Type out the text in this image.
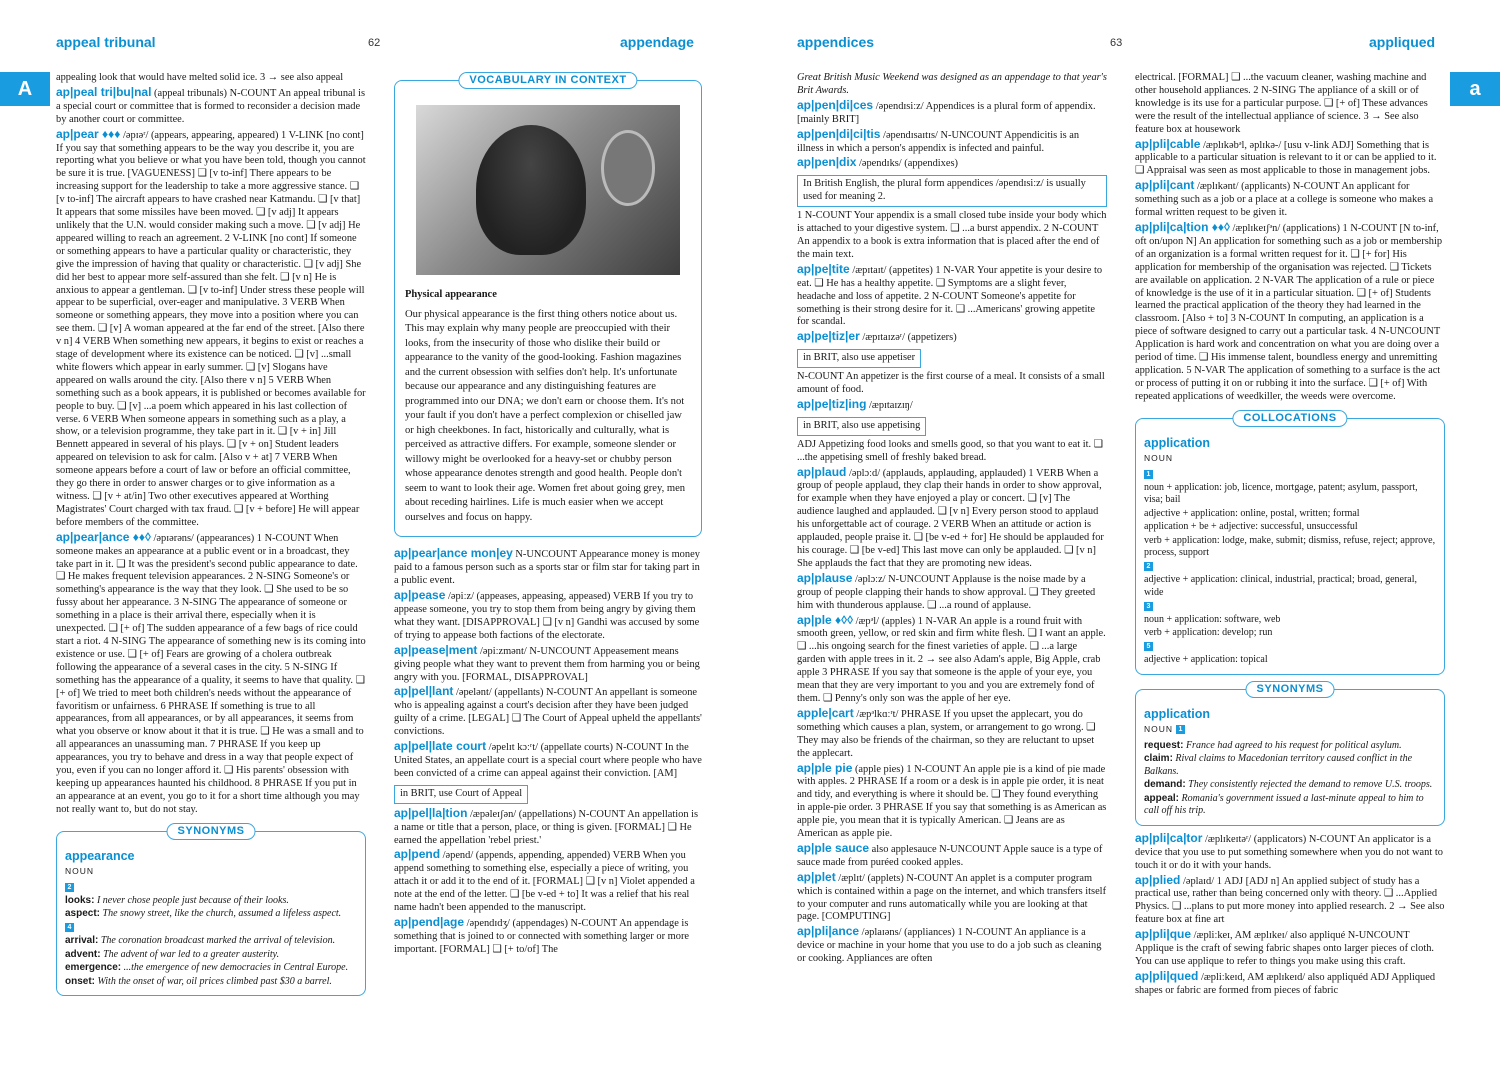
appeal tribunal	62	appendage	appendices	63	appliqued
A	a

appealing look that would have melted solid ice. 3 → see also appeal

ap|peal tri|bu|nal (appeal tribunals) N-COUNT An appeal tribunal is a special court or committee that is formed to reconsider a decision made by another court or committee.

ap|pear ♦♦♦ /əpɪəʳ/ (appears, appearing, appeared) 1 V-LINK [no cont] If you say that something appears to be the way you describe it, you are reporting what you believe or what you have been told, though you cannot be sure it is true. [VAGUENESS] ❑ [v to-inf] There appears to be increasing support for the leadership to take a more aggressive stance. ❑ [v to-inf] The aircraft appears to have crashed near Katmandu. ❑ [v that] It appears that some missiles have been moved. ❑ [v adj] It appears unlikely that the U.N. would consider making such a move. ❑ [v adj] He appeared willing to reach an agreement. 2 V-LINK [no cont] If someone or something appears to have a particular quality or characteristic, they give the impression of having that quality or characteristic. ❑ [v adj] She did her best to appear more self-assured than she felt. ❑ [v n] He is anxious to appear a gentleman. ❑ [v to-inf] Under stress these people will appear to be superficial, over-eager and manipulative. 3 VERB When someone or something appears, they move into a position where you can see them. ❑ [v] A woman appeared at the far end of the street. [Also there v n] 4 VERB When something new appears, it begins to exist or reaches a stage of development where its existence can be noticed. ❑ [v] ...small white flowers which appear in early summer. ❑ [v] Slogans have appeared on walls around the city. [Also there v n] 5 VERB When something such as a book appears, it is published or becomes available for people to buy. ❑ [v] ...a poem which appeared in his last collection of verse. 6 VERB When someone appears in something such as a play, a show, or a television programme, they take part in it. ❑ [v + in] Jill Bennett appeared in several of his plays. ❑ [v + on] Student leaders appeared on television to ask for calm. [Also v + at] 7 VERB When someone appears before a court of law or before an official committee, they go there in order to answer charges or to give information as a witness. ❑ [v + at/in] Two other executives appeared at Worthing Magistrates' Court charged with tax fraud. ❑ [v + before] He will appear before members of the committee.

ap|pear|ance ♦♦◊ /əpɪərəns/ (appearances) 1 N-COUNT When someone makes an appearance at a public event or in a broadcast, they take part in it. ❑ It was the president's second public appearance to date. ❑ He makes frequent television appearances. 2 N-SING Someone's or something's appearance is the way that they look. ❑ She used to be so fussy about her appearance. 3 N-SING The appearance of someone or something in a place is their arrival there, especially when it is unexpected. ❑ [+ of] The sudden appearance of a few bags of rice could start a riot. 4 N-SING The appearance of something new is its coming into existence or use. ❑ [+ of] Fears are growing of a cholera outbreak following the appearance of a several cases in the city. 5 N-SING If something has the appearance of a quality, it seems to have that quality. ❑ [+ of] We tried to meet both children's needs without the appearance of favoritism or unfairness. 6 PHRASE If something is true to all appearances, from all appearances, or by all appearances, it seems from what you observe or know about it that it is true. ❑ He was a small and to all appearances an unassuming man. 7 PHRASE If you keep up appearances, you try to behave and dress in a way that people expect of you, even if you can no longer afford it. ❑ His parents' obsession with keeping up appearances haunted his childhood. 8 PHRASE If you put in an appearance at an event, you go to it for a short time although you may not really want to, but do not stay.

SYNONYMS
appearance
NOUN
2
looks: I never chose people just because of their looks.
aspect: The snowy street, like the church, assumed a lifeless aspect.
4
arrival: The coronation broadcast marked the arrival of television.
advent: The advent of war led to a greater austerity.
emergence: ...the emergence of new democracies in Central Europe.
onset: With the onset of war, oil prices climbed past $30 a barrel.
VOCABULARY IN CONTEXT
Physical appearance

Our physical appearance is the first thing others notice about us. This may explain why many people are preoccupied with their looks, from the insecurity of those who dislike their build or appearance to the vanity of the good-looking. Fashion magazines and the current obsession with selfies don't help. It's unfortunate because our appearance and any distinguishing features are programmed into our DNA; we don't earn or choose them. It's not your fault if you don't have a perfect complexion or chiselled jaw or high cheekbones. In fact, historically and culturally, what is perceived as attractive differs. For example, someone slender or willowy might be overlooked for a heavy-set or chubby person whose appearance denotes strength and good health. People don't seem to want to look their age. Women fret about going grey, men about receding hairlines. Life is much easier when we accept ourselves and focus on happy.

ap|pear|ance mon|ey N-UNCOUNT Appearance money is money paid to a famous person such as a sports star or film star for taking part in a public event.

ap|pease /əpiːz/ (appeases, appeasing, appeased) VERB If you try to appease someone, you try to stop them from being angry by giving them what they want. [DISAPPROVAL] ❑ [v n] Gandhi was accused by some of trying to appease both factions of the electorate.

ap|pease|ment /əpiːzmənt/ N-UNCOUNT Appeasement means giving people what they want to prevent them from harming you or being angry with you. [FORMAL, DISAPPROVAL]

ap|pel|lant /əpelənt/ (appellants) N-COUNT An appellant is someone who is appealing against a court's decision after they have been judged guilty of a crime. [LEGAL] ❑ The Court of Appeal upheld the appellants' convictions.

ap|pel|late court /əpelɪt kɔːʳt/ (appellate courts) N-COUNT In the United States, an appellate court is a special court where people who have been convicted of a crime can appeal against their conviction. [AM]

in BRIT, use Court of Appeal

ap|pel|la|tion /æpəleɪʃən/ (appellations) N-COUNT An appellation is a name or title that a person, place, or thing is given. [FORMAL] ❑ He earned the appellation 'rebel priest.'

ap|pend /əpend/ (appends, appending, appended) VERB When you append something to something else, especially a piece of writing, you attach it or add it to the end of it. [FORMAL] ❑ [v n] Violet appended a note at the end of the letter. ❑ [be v-ed + to] It was a relief that his real name hadn't been appended to the manuscript.

ap|pend|age /əpendɪdʒ/ (appendages) N-COUNT An appendage is something that is joined to or connected with something larger or more important. [FORMAL] ❑ [+ to/of] The

Great British Music Weekend was designed as an appendage to that year's Brit Awards.

ap|pen|di|ces /əpendɪsiːz/ Appendices is a plural form of appendix. [mainly BRIT]

ap|pen|di|ci|tis /əpendɪsaɪtɪs/ N-UNCOUNT Appendicitis is an illness in which a person's appendix is infected and painful.

ap|pen|dix /əpendɪks/ (appendixes)

In British English, the plural form appendices /əpendɪsiːz/ is usually used for meaning 2.

1 N-COUNT Your appendix is a small closed tube inside your body which is attached to your digestive system. ❑ ...a burst appendix. 2 N-COUNT An appendix to a book is extra information that is placed after the end of the main text.

ap|pe|tite /æpɪtaɪt/ (appetites) 1 N-VAR Your appetite is your desire to eat. ❑ He has a healthy appetite. ❑ Symptoms are a slight fever, headache and loss of appetite. 2 N-COUNT Someone's appetite for something is their strong desire for it. ❑ ...Americans' growing appetite for scandal.

ap|pe|tiz|er /æpɪtaɪzəʳ/ (appetizers)

in BRIT, also use appetiser

N-COUNT An appetizer is the first course of a meal. It consists of a small amount of food.

ap|pe|tiz|ing /æpɪtaɪzɪŋ/

in BRIT, also use appetising

ADJ Appetizing food looks and smells good, so that you want to eat it. ❑ ...the appetising smell of freshly baked bread.

ap|plaud /əplɔːd/ (applauds, applauding, applauded) 1 VERB When a group of people applaud, they clap their hands in order to show approval, for example when they have enjoyed a play or concert. ❑ [v] The audience laughed and applauded. ❑ [v n] Every person stood to applaud his unforgettable act of courage. 2 VERB When an attitude or action is applauded, people praise it. ❑ [be v-ed + for] He should be applauded for his courage. ❑ [be v-ed] This last move can only be applauded. ❑ [v n] She applauds the fact that they are promoting new ideas.

ap|plause /əplɔːz/ N-UNCOUNT Applause is the noise made by a group of people clapping their hands to show approval. ❑ They greeted him with thunderous applause. ❑ ...a round of applause.

ap|ple ♦◊◊ /æpᵊl/ (apples) 1 N-VAR An apple is a round fruit with smooth green, yellow, or red skin and firm white flesh. ❑ I want an apple. ❑ ...his ongoing search for the finest varieties of apple. ❑ ...a large garden with apple trees in it. 2 → see also Adam's apple, Big Apple, crab apple 3 PHRASE If you say that someone is the apple of your eye, you mean that they are very important to you and you are extremely fond of them. ❑ Penny's only son was the apple of her eye.

apple|cart /æpᵊlkɑːʳt/ PHRASE If you upset the applecart, you do something which causes a plan, system, or arrangement to go wrong. ❑ They may also be friends of the chairman, so they are reluctant to upset the applecart.

ap|ple pie (apple pies) 1 N-COUNT An apple pie is a kind of pie made with apples. 2 PHRASE If a room or a desk is in apple pie order, it is neat and tidy, and everything is where it should be. ❑ They found everything in apple-pie order. 3 PHRASE If you say that something is as American as apple pie, you mean that it is typically American. ❑ Jeans are as American as apple pie.

ap|ple sauce also applesauce N-UNCOUNT Apple sauce is a type of sauce made from puréed cooked apples.

ap|plet /æplɪt/ (applets) N-COUNT An applet is a computer program which is contained within a page on the internet, and which transfers itself to your computer and runs automatically while you are looking at that page. [COMPUTING]

ap|pli|ance /əplaɪəns/ (appliances) 1 N-COUNT An appliance is a device or machine in your home that you use to do a job such as cleaning or cooking. Appliances are often

electrical. [FORMAL] ❑ ...the vacuum cleaner, washing machine and other household appliances. 2 N-SING The appliance of a skill or of knowledge is its use for a particular purpose. ❑ [+ of] These advances were the result of the intellectual appliance of science. 3 → See also feature box at housework

ap|pli|cable /æplɪkəbᵊl, əplɪkə-/ [usu v-link ADJ] Something that is applicable to a particular situation is relevant to it or can be applied to it. ❑ Appraisal was seen as most applicable to those in management jobs.

ap|pli|cant /æplɪkənt/ (applicants) N-COUNT An applicant for something such as a job or a place at a college is someone who makes a formal written request to be given it.

ap|pli|ca|tion ♦♦◊ /æplɪkeɪʃᵊn/ (applications) 1 N-COUNT [N to-inf, oft on/upon N] An application for something such as a job or membership of an organization is a formal written request for it. ❑ [+ for] His application for membership of the organisation was rejected. ❑ Tickets are available on application. 2 N-VAR The application of a rule or piece of knowledge is the use of it in a particular situation. ❑ [+ of] Students learned the practical application of the theory they had learned in the classroom. [Also + to] 3 N-COUNT In computing, an application is a piece of software designed to carry out a particular task. 4 N-UNCOUNT Application is hard work and concentration on what you are doing over a period of time. ❑ His immense talent, boundless energy and unremitting application. 5 N-VAR The application of something to a surface is the act or process of putting it on or rubbing it into the surface. ❑ [+ of] With repeated applications of weedkiller, the weeds were overcome.

COLLOCATIONS
application
NOUN
1
noun + application: job, licence, mortgage, patent; asylum, passport, visa; bail
adjective + application: online, postal, written; formal
application + be + adjective: successful, unsuccessful
verb + application: lodge, make, submit; dismiss, refuse, reject; approve, process, support
2
adjective + application: clinical, industrial, practical; broad, general, wide
3
noun + application: software, web
verb + application: develop; run
5
adjective + application: topical
SYNONYMS
application
NOUN 1
request: France had agreed to his request for political asylum.
claim: Rival claims to Macedonian territory caused conflict in the Balkans.
demand: They consistently rejected the demand to remove U.S. troops.
appeal: Romania's government issued a last-minute appeal to him to call off his trip.

ap|pli|ca|tor /æplɪkeɪtəʳ/ (applicators) N-COUNT An applicator is a device that you use to put something somewhere when you do not want to touch it or do it with your hands.

ap|plied /əplaɪd/ 1 ADJ [ADJ n] An applied subject of study has a practical use, rather than being concerned only with theory. ❑ ...Applied Physics. ❑ ...plans to put more money into applied research. 2 → See also feature box at fine art

ap|pli|que /æpliːkeɪ, AM æplɪkeɪ/ also appliqué N-UNCOUNT Applique is the craft of sewing fabric shapes onto larger pieces of cloth. You can use applique to refer to things you make using this craft.

ap|pli|qued /æpliːkeɪd, AM æplɪkeɪd/ also appliquéd ADJ Appliqued shapes or fabric are formed from pieces of fabric
